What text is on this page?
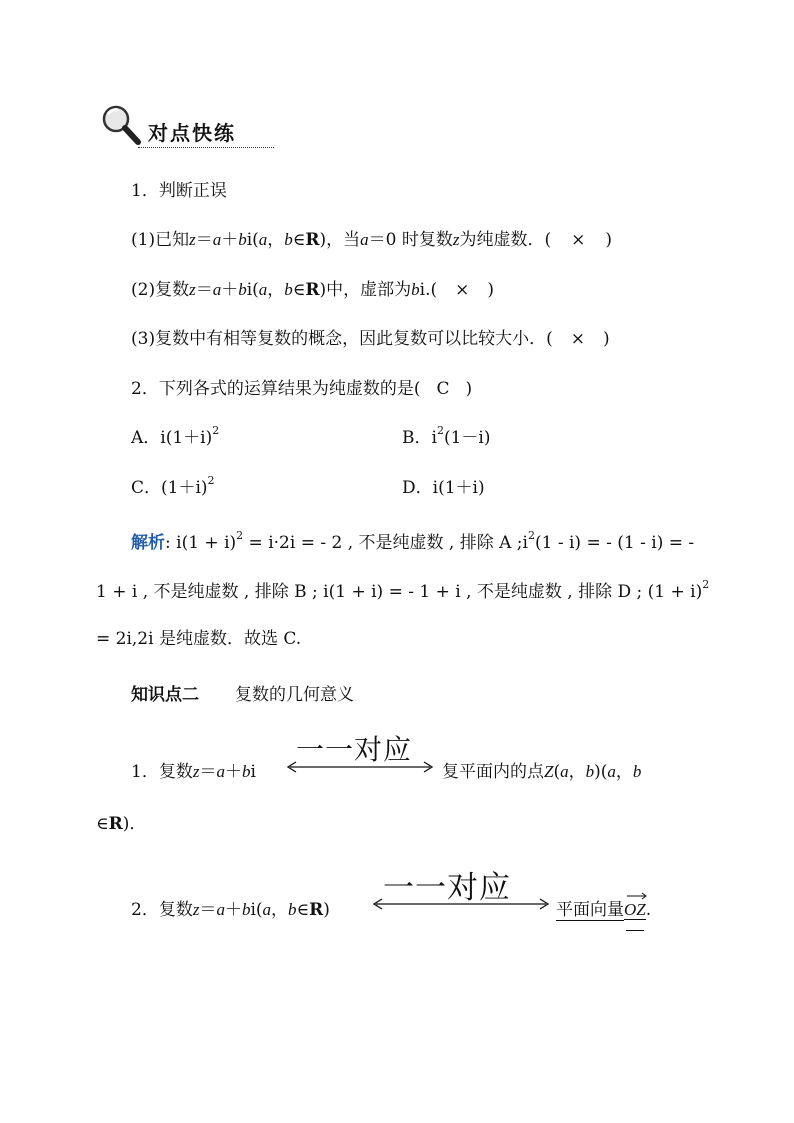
对点快练
1．判断正误
(1)已知z＝a＋bi(a，b∈R)，当a＝0 时复数z为纯虚数．( × )
(2)复数z＝a＋bi(a，b∈R)中，虚部为bi.( × )
(3)复数中有相等复数的概念，因此复数可以比较大小．( × )
2．下列各式的运算结果为纯虚数的是( C )
A．$i(1+i)^2$	B．$i^2(1-i)$
C．$(1+i)^2$	D．i(1＋i)
解析: $i(1 + i)^2 = i\cdot 2i$ = - 2 , 不是纯虚数 , 排除 A $;i^2(1 - i)$ = - (1 - i) = -
1 + i , 不是纯虚数 , 排除 B ; i(1 + i) = - 1 + i , 不是纯虚数 , 排除 D ; $(1 + i)^2$
= 2i,2i 是纯虚数．故选 C.
知识点二 复数的几何意义
1．复数z＝a＋bi
一一对应
复平面内的点Z(a，b)(a，b
∈R)．
2．复数z＝a＋bi(a，b∈R)
一一对应
平面向量
OZ
.
